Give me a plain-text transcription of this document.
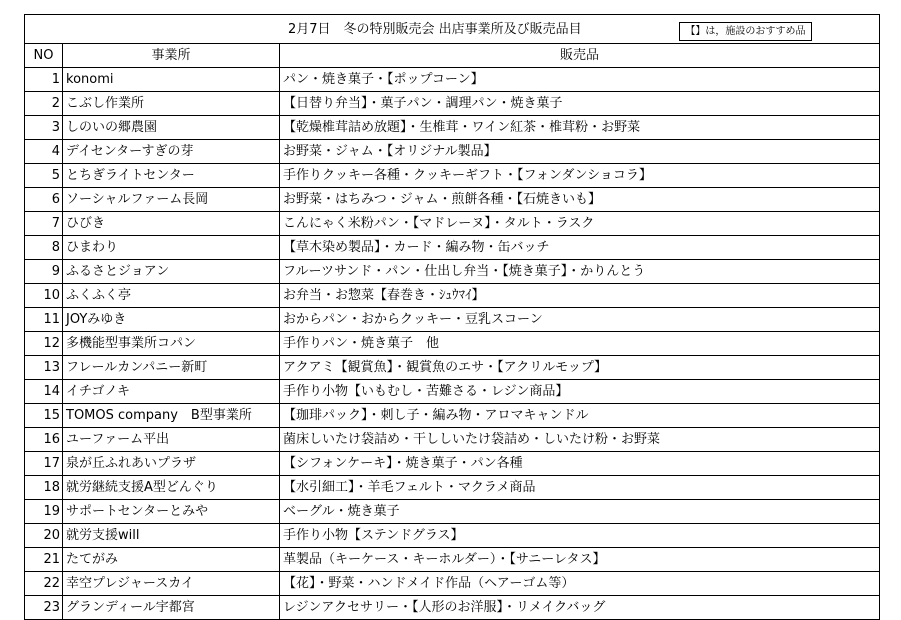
2月7日　冬の特別販売会 出店事業所及び販売品目 【】は，施設のおすすめ品		

NO	事業所	販売品
1	konomi	パン・焼き菓子・【ポップコーン】
2	こぶし作業所	【日替り弁当】・菓子パン・調理パン・焼き菓子
3	しのいの郷農園	【乾燥椎茸詰め放題】・生椎茸・ワイン紅茶・椎茸粉・お野菜
4	デイセンターすぎの芽	お野菜・ジャム・【オリジナル製品】
5	とちぎライトセンター	手作りクッキー各種・クッキーギフト・【フォンダンショコラ】
6	ソーシャルファーム長岡	お野菜・はちみつ・ジャム・煎餅各種・【石焼きいも】
7	ひびき	こんにゃく米粉パン・【マドレーヌ】・タルト・ラスク
8	ひまわり	【草木染め製品】・カード・編み物・缶バッチ
9	ふるさとジョアン	フルーツサンド・パン・仕出し弁当・【焼き菓子】・かりんとう
10	ふくふく亭	お弁当・お惣菜【春巻き・ｼｭｳﾏｲ】
11	JOYみゆき	おからパン・おからクッキー・豆乳スコーン
12	多機能型事業所コパン	手作りパン・焼き菓子　他
13	フレールカンパニー新町	アクアミ【観賞魚】・観賞魚のエサ・【アクリルモップ】
14	イチゴノキ	手作り小物【いもむし・苦難さる・レジン商品】
15	TOMOS company　B型事業所	【珈琲パック】・刺し子・編み物・アロマキャンドル
16	ユーファーム平出	菌床しいたけ袋詰め・干ししいたけ袋詰め・しいたけ粉・お野菜
17	泉が丘ふれあいプラザ	【シフォンケーキ】・焼き菓子・パン各種
18	就労継続支援A型どんぐり	【水引細工】・羊毛フェルト・マクラメ商品
19	サポートセンターとみや	ベーグル・焼き菓子
20	就労支援will	手作り小物【ステンドグラス】
21	たてがみ	革製品（キーケース・キーホルダー）・【サニーレタス】
22	幸空プレジャースカイ	【花】・野菜・ハンドメイド作品（ヘアーゴム等）
23	グランディール宇都宮	レジンアクセサリー・【人形のお洋服】・リメイクバッグ
